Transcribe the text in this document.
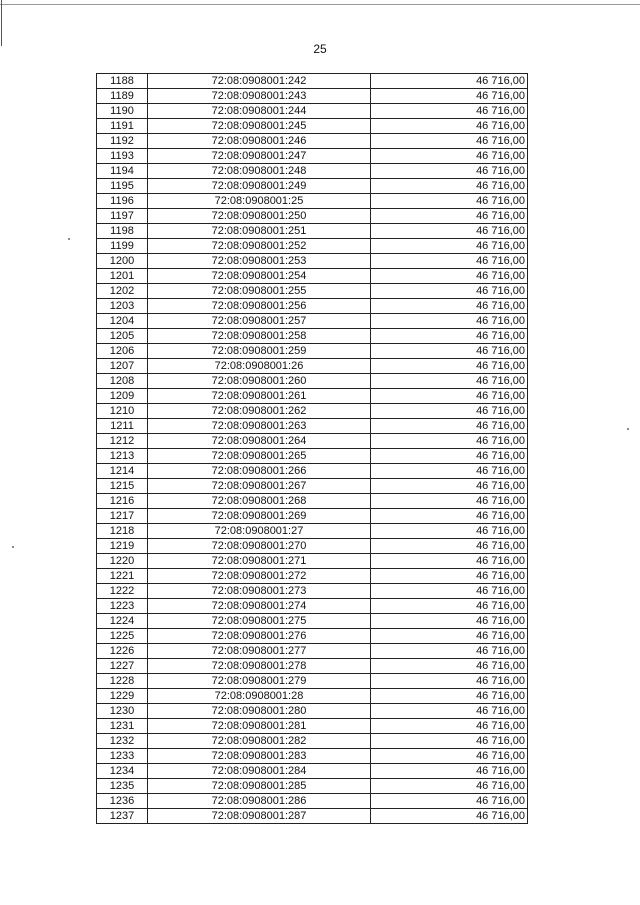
25
1188	72:08:0908001:242	46 716,00
1189	72:08:0908001:243	46 716,00
1190	72:08:0908001:244	46 716,00
1191	72:08:0908001:245	46 716,00
1192	72:08:0908001:246	46 716,00
1193	72:08:0908001:247	46 716,00
1194	72:08:0908001:248	46 716,00
1195	72:08:0908001:249	46 716,00
1196	72:08:0908001:25	46 716,00
1197	72:08:0908001:250	46 716,00
1198	72:08:0908001:251	46 716,00
1199	72:08:0908001:252	46 716,00
1200	72:08:0908001:253	46 716,00
1201	72:08:0908001:254	46 716,00
1202	72:08:0908001:255	46 716,00
1203	72:08:0908001:256	46 716,00
1204	72:08:0908001:257	46 716,00
1205	72:08:0908001:258	46 716,00
1206	72:08:0908001:259	46 716,00
1207	72:08:0908001:26	46 716,00
1208	72:08:0908001:260	46 716,00
1209	72:08:0908001:261	46 716,00
1210	72:08:0908001:262	46 716,00
1211	72:08:0908001:263	46 716,00
1212	72:08:0908001:264	46 716,00
1213	72:08:0908001:265	46 716,00
1214	72:08:0908001:266	46 716,00
1215	72:08:0908001:267	46 716,00
1216	72:08:0908001:268	46 716,00
1217	72:08:0908001:269	46 716,00
1218	72:08:0908001:27	46 716,00
1219	72:08:0908001:270	46 716,00
1220	72:08:0908001:271	46 716,00
1221	72:08:0908001:272	46 716,00
1222	72:08:0908001:273	46 716,00
1223	72:08:0908001:274	46 716,00
1224	72:08:0908001:275	46 716,00
1225	72:08:0908001:276	46 716,00
1226	72:08:0908001:277	46 716,00
1227	72:08:0908001:278	46 716,00
1228	72:08:0908001:279	46 716,00
1229	72:08:0908001:28	46 716,00
1230	72:08:0908001:280	46 716,00
1231	72:08:0908001:281	46 716,00
1232	72:08:0908001:282	46 716,00
1233	72:08:0908001:283	46 716,00
1234	72:08:0908001:284	46 716,00
1235	72:08:0908001:285	46 716,00
1236	72:08:0908001:286	46 716,00
1237	72:08:0908001:287	46 716,00
